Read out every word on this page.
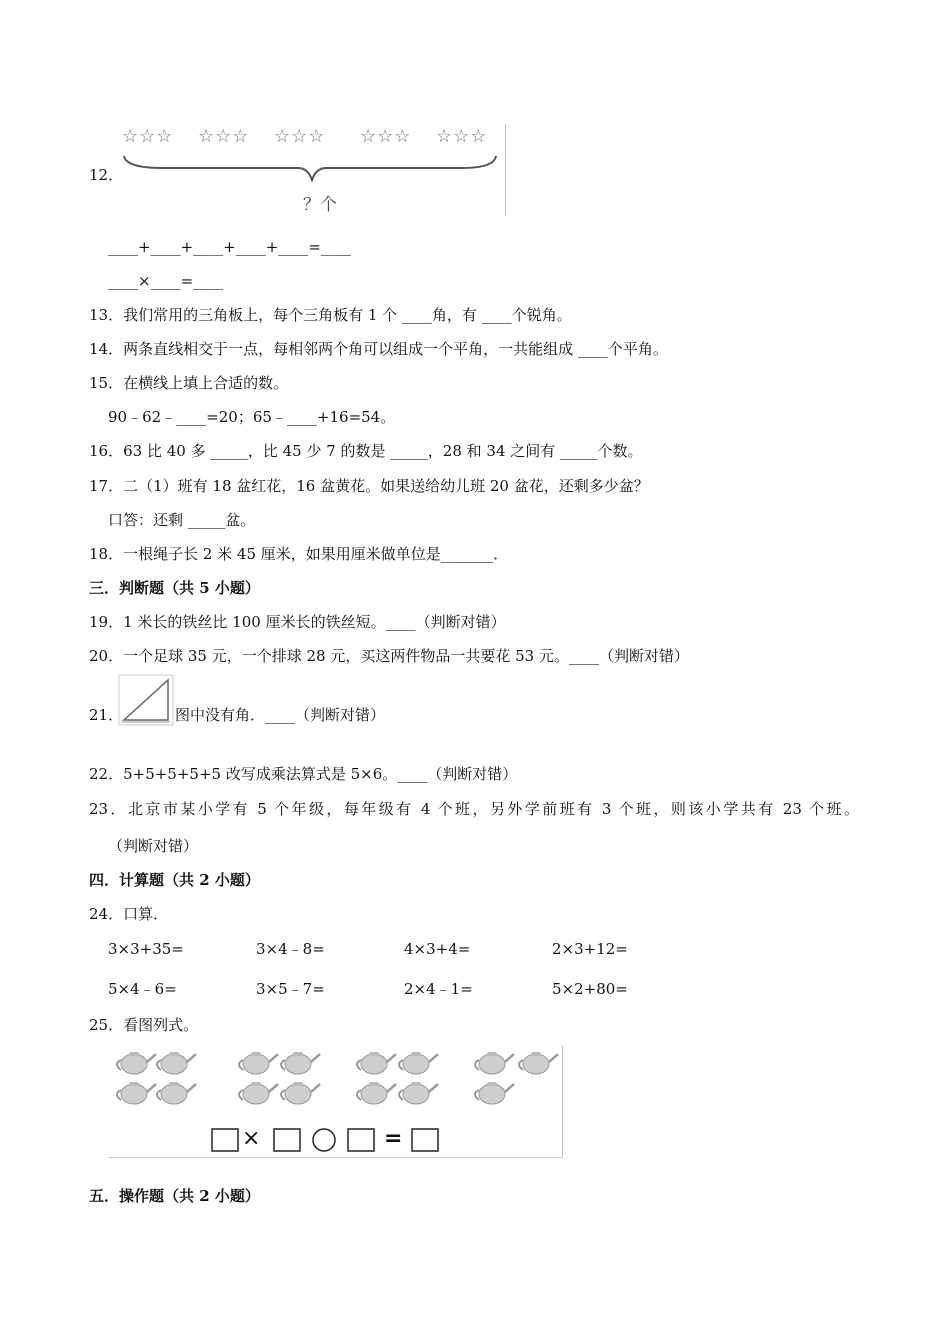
12．
☆☆☆ ☆☆☆ ☆☆☆ ☆☆☆ ☆☆☆
？个
____+____+____+____+____=____
____×____=____
13．我们常用的三角板上，每个三角板有 1 个 ____角，有 ____个锐角。
14．两条直线相交于一点，每相邻两个角可以组成一个平角，一共能组成 ____个平角。
15．在横线上填上合适的数。
90﹣62﹣____=20；65﹣____+16=54。
16．63 比 40 多 _____，比 45 少 7 的数是 _____，28 和 34 之间有 _____个数。
17．二（1）班有 18 盆红花，16 盆黄花。如果送给幼儿班 20 盆花，还剩多少盆？
口答：还剩 _____盆。
18．一根绳子长 2 米 45 厘米，如果用厘米做单位是_______．
三．判断题（共 5 小题）
19．1 米长的铁丝比 100 厘米长的铁丝短。____（判断对错）
20．一个足球 35 元，一个排球 28 元，买这两件物品一共要花 53 元。____（判断对错）
21．	图中没有角．____（判断对错）
22．5+5+5+5+5 改写成乘法算式是 5×6。____（判断对错）
23．北京市某小学有 5 个年级，每年级有 4 个班，另外学前班有 3 个班，则该小学共有 23 个班。
（判断对错）
四．计算题（共 2 小题）
24．口算．
3×3+35=	3×4﹣8=	4×3+4=	2×3+12=
5×4﹣6=	3×5﹣7=	2×4﹣1=	5×2+80=
25．看图列式。
×	=
五．操作题（共 2 小题）
